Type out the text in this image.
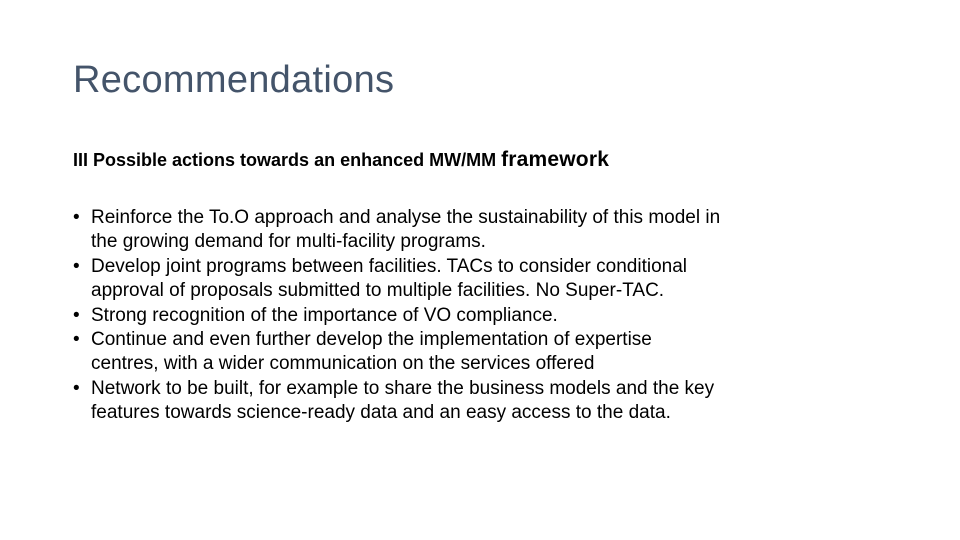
Recommendations
III Possible actions towards an enhanced MW/MM framework
• Reinforce the To.O approach and analyse the sustainability of this model in
the growing demand for multi-facility programs.
• Develop joint programs between facilities. TACs to consider conditional
approval of proposals submitted to multiple facilities. No Super-TAC.
• Strong recognition of the importance of VO compliance.
• Continue and even further develop the implementation of expertise
centres, with a wider communication on the services offered
• Network to be built, for example to share the business models and the key
features towards science-ready data and an easy access to the data.
